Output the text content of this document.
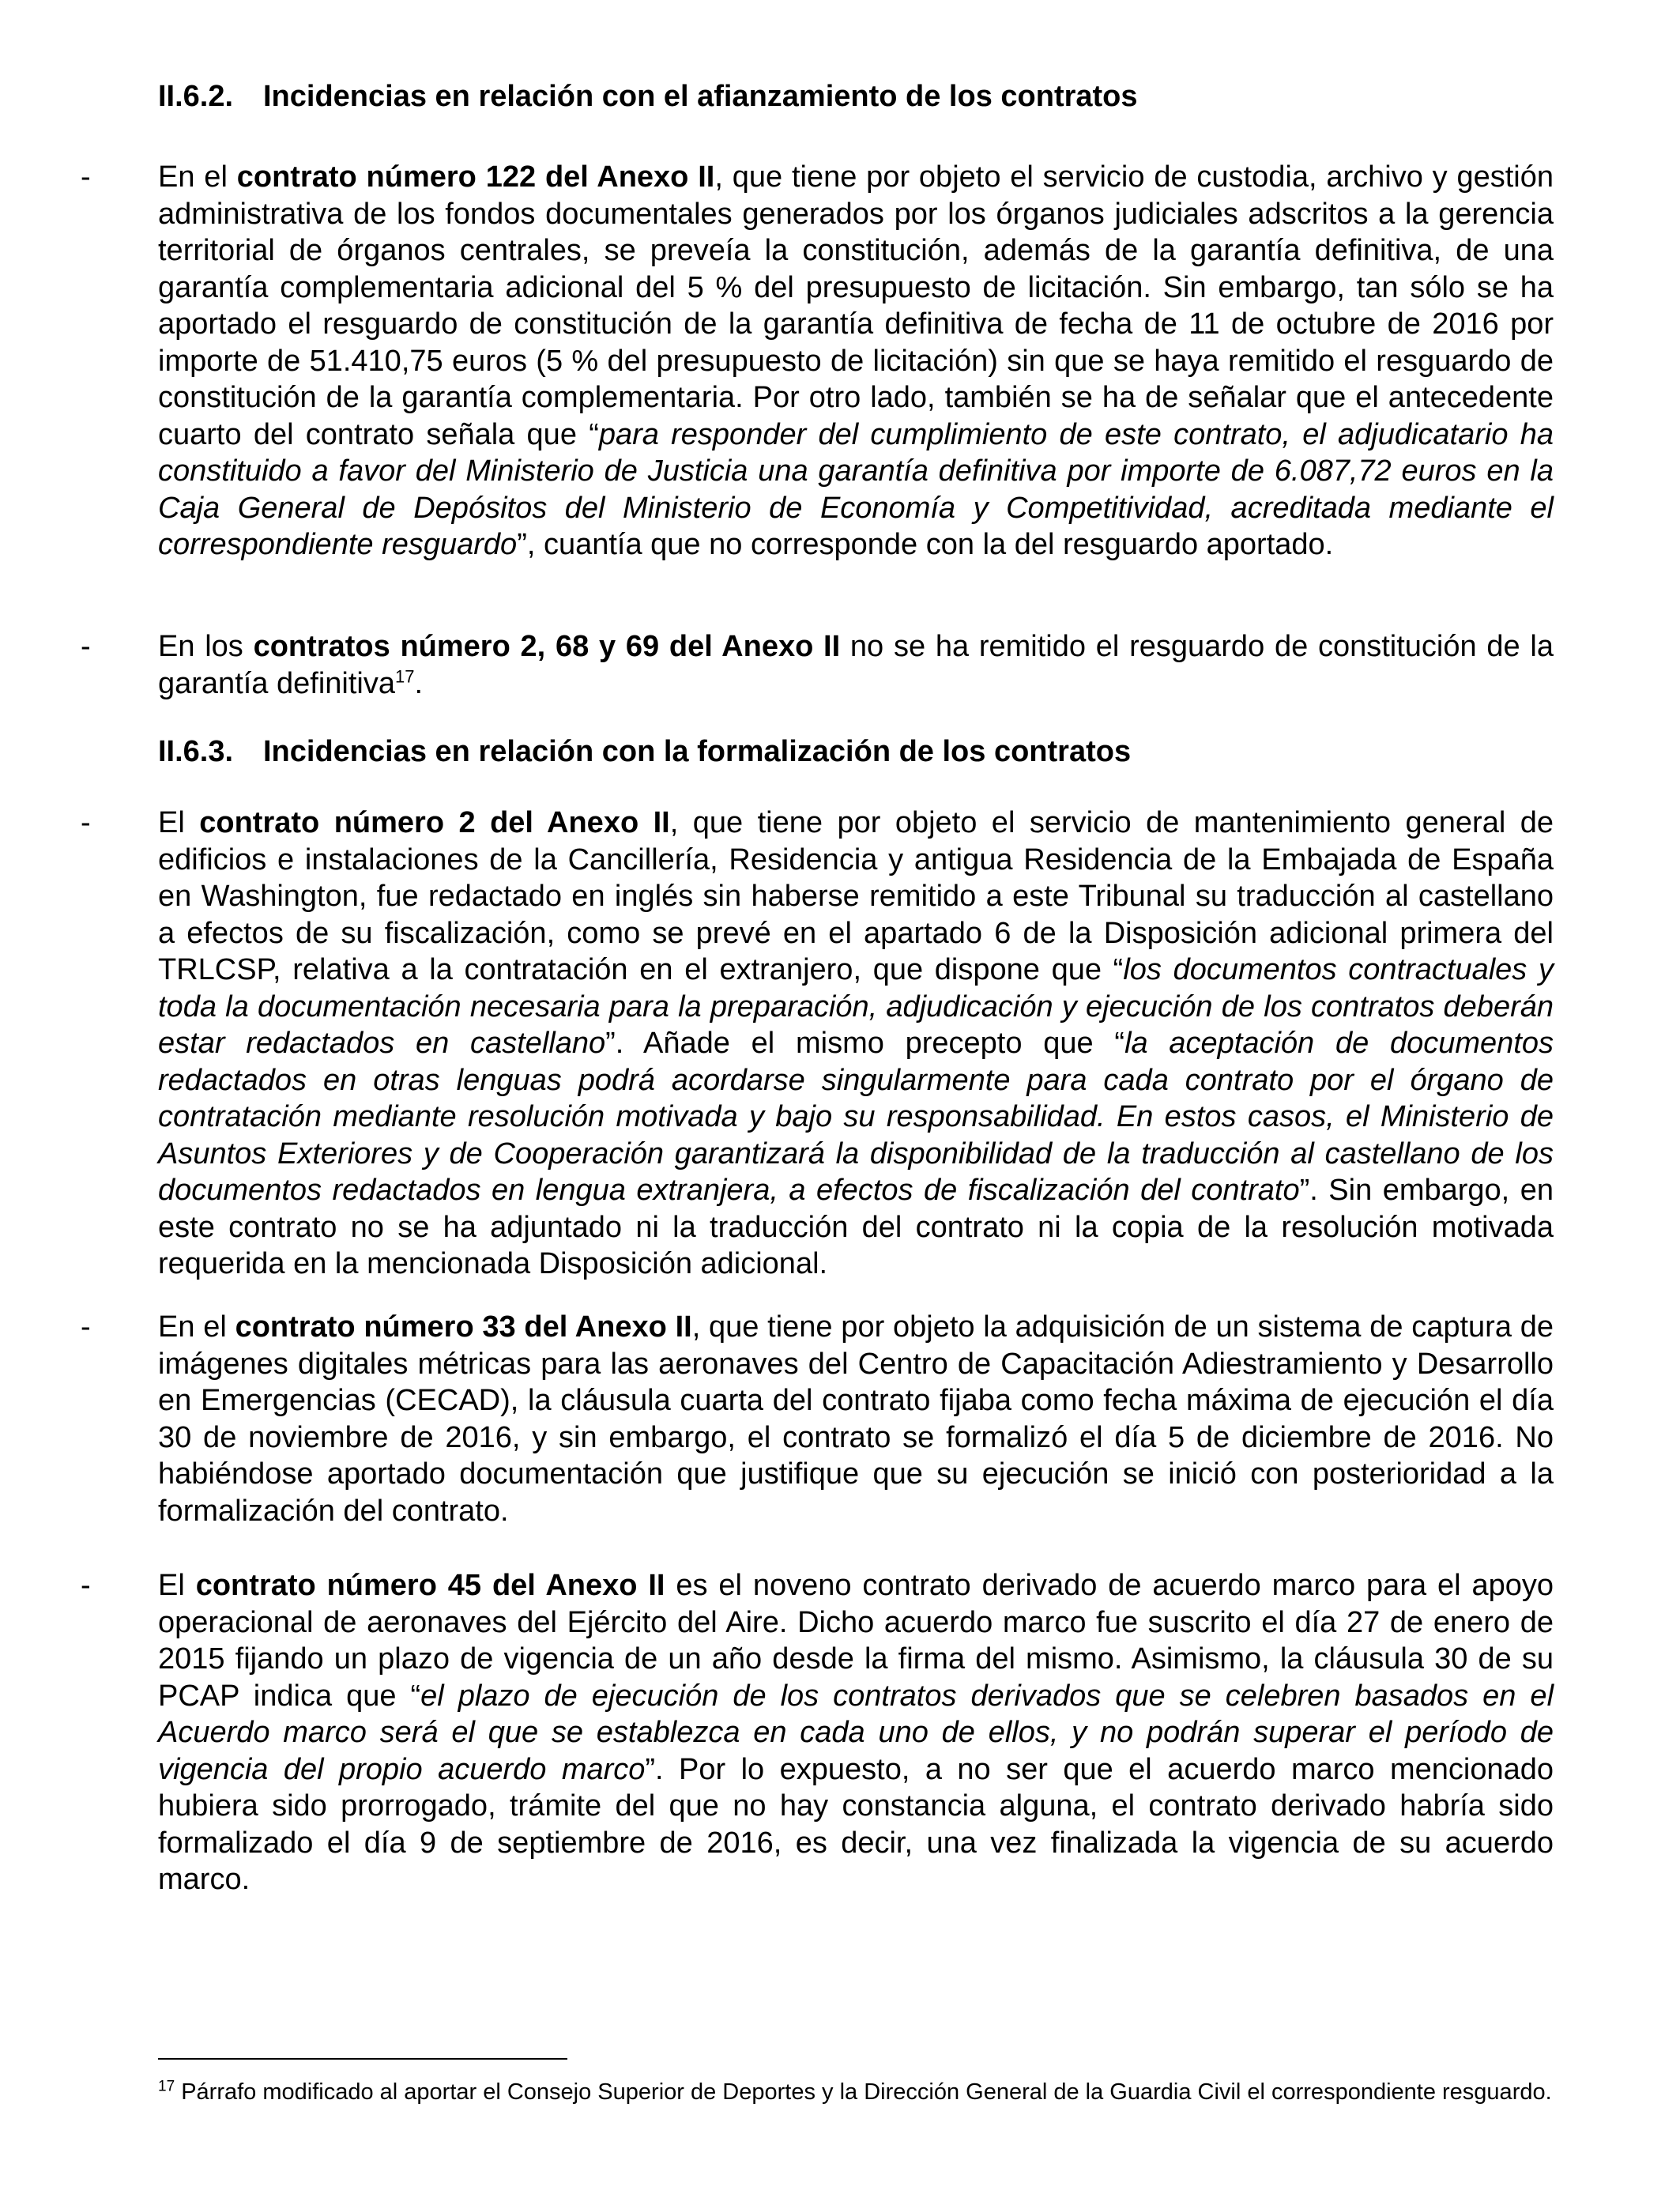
II.6.2. Incidencias en relación con el afianzamiento de los contratos
- En el contrato número 122 del Anexo II, que tiene por objeto el servicio de custodia, archivo y gestión administrativa de los fondos documentales generados por los órganos judiciales adscritos a la gerencia territorial de órganos centrales, se preveía la constitución, además de la garantía definitiva, de una garantía complementaria adicional del 5 % del presupuesto de licitación. Sin embargo, tan sólo se ha aportado el resguardo de constitución de la garantía definitiva de fecha de 11 de octubre de 2016 por importe de 51.410,75 euros (5 % del presupuesto de licitación) sin que se haya remitido el resguardo de constitución de la garantía complementaria. Por otro lado, también se ha de señalar que el antecedente cuarto del contrato señala que “para responder del cumplimiento de este contrato, el adjudicatario ha constituido a favor del Ministerio de Justicia una garantía definitiva por importe de 6.087,72 euros en la Caja General de Depósitos del Ministerio de Economía y Competitividad, acreditada mediante el correspondiente resguardo”, cuantía que no corresponde con la del resguardo aportado.
- En los contratos número 2, 68 y 69 del Anexo II no se ha remitido el resguardo de constitución de la garantía definitiva$^{17}$.
II.6.3. Incidencias en relación con la formalización de los contratos
- El contrato número 2 del Anexo II, que tiene por objeto el servicio de mantenimiento general de edificios e instalaciones de la Cancillería, Residencia y antigua Residencia de la Embajada de España en Washington, fue redactado en inglés sin haberse remitido a este Tribunal su traducción al castellano a efectos de su fiscalización, como se prevé en el apartado 6 de la Disposición adicional primera del TRLCSP, relativa a la contratación en el extranjero, que dispone que “los documentos contractuales y toda la documentación necesaria para la preparación, adjudicación y ejecución de los contratos deberán estar redactados en castellano”. Añade el mismo precepto que “la aceptación de documentos redactados en otras lenguas podrá acordarse singularmente para cada contrato por el órgano de contratación mediante resolución motivada y bajo su responsabilidad. En estos casos, el Ministerio de Asuntos Exteriores y de Cooperación garantizará la disponibilidad de la traducción al castellano de los documentos redactados en lengua extranjera, a efectos de fiscalización del contrato”. Sin embargo, en este contrato no se ha adjuntado ni la traducción del contrato ni la copia de la resolución motivada requerida en la mencionada Disposición adicional.
- En el contrato número 33 del Anexo II, que tiene por objeto la adquisición de un sistema de captura de imágenes digitales métricas para las aeronaves del Centro de Capacitación Adiestramiento y Desarrollo en Emergencias (CECAD), la cláusula cuarta del contrato fijaba como fecha máxima de ejecución el día 30 de noviembre de 2016, y sin embargo, el contrato se formalizó el día 5 de diciembre de 2016. No habiéndose aportado documentación que justifique que su ejecución se inició con posterioridad a la formalización del contrato.
- El contrato número 45 del Anexo II es el noveno contrato derivado de acuerdo marco para el apoyo operacional de aeronaves del Ejército del Aire. Dicho acuerdo marco fue suscrito el día 27 de enero de 2015 fijando un plazo de vigencia de un año desde la firma del mismo. Asimismo, la cláusula 30 de su PCAP indica que “el plazo de ejecución de los contratos derivados que se celebren basados en el Acuerdo marco será el que se establezca en cada uno de ellos, y no podrán superar el período de vigencia del propio acuerdo marco”. Por lo expuesto, a no ser que el acuerdo marco mencionado hubiera sido prorrogado, trámite del que no hay constancia alguna, el contrato derivado habría sido formalizado el día 9 de septiembre de 2016, es decir, una vez finalizada la vigencia de su acuerdo marco.
$^{17}$ Párrafo modificado al aportar el Consejo Superior de Deportes y la Dirección General de la Guardia Civil el correspondiente resguardo.
